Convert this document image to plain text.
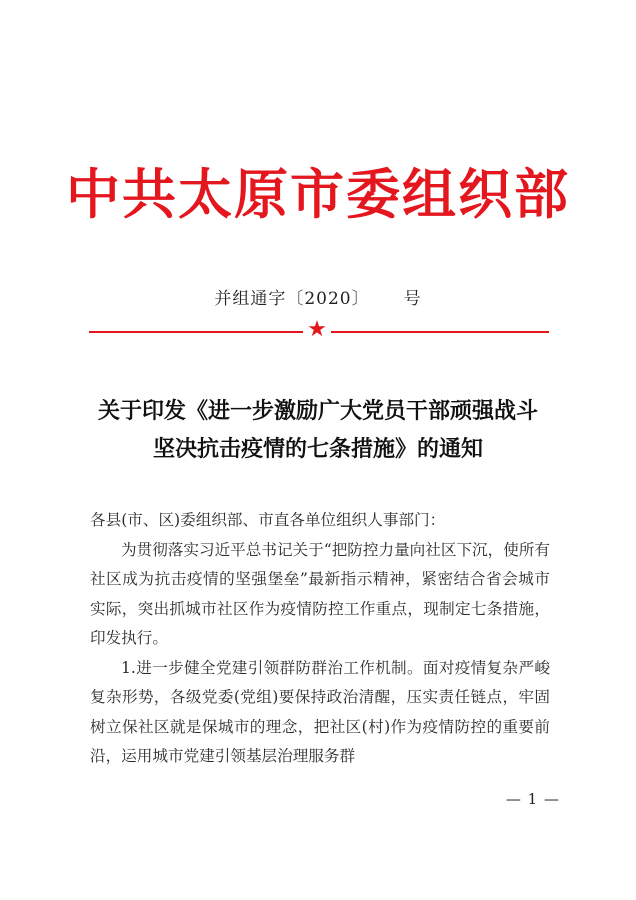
中共太原市委组织部
并组通字〔2020〕 号
★
关于印发《进一步激励广大党员干部顽强战斗
坚决抗击疫情的七条措施》的通知

各县(市、区)委组织部、市直各单位组织人事部门：

为贯彻落实习近平总书记关于“把防控力量向社区下沉，使所有社区成为抗击疫情的坚强堡垒”最新指示精神，紧密结合省会城市实际，突出抓城市社区作为疫情防控工作重点，现制定七条措施，印发执行。

1.进一步健全党建引领群防群治工作机制。面对疫情复杂严峻复杂形势，各级党委(党组)要保持政治清醒，压实责任链点，牢固树立保社区就是保城市的理念，把社区(村)作为疫情防控的重要前沿，运用城市党建引领基层治理服务群

— 1 —
